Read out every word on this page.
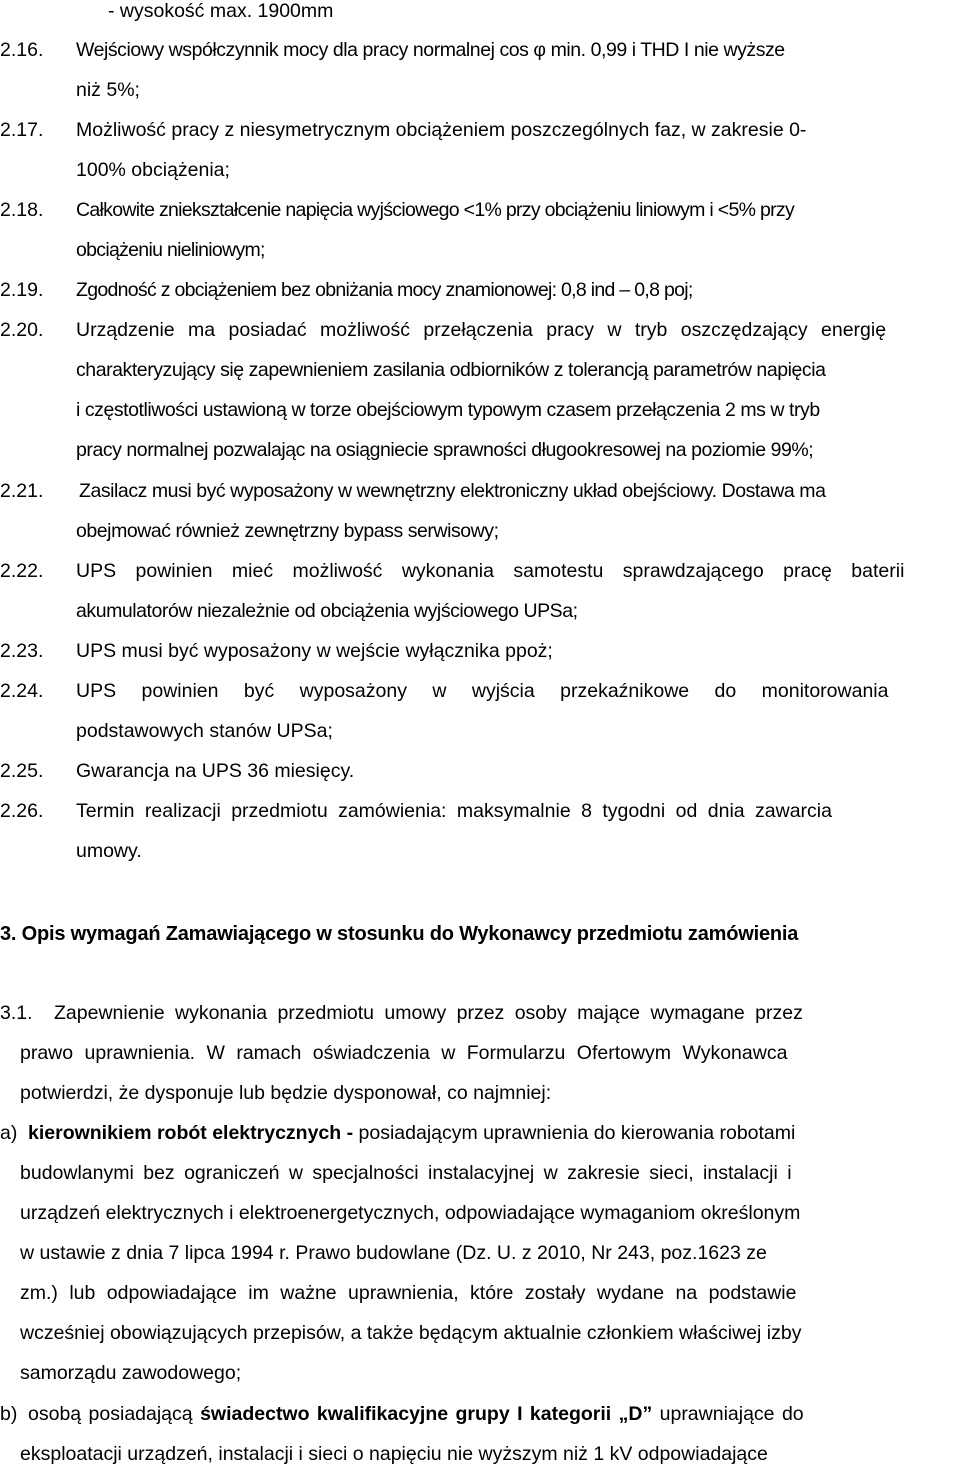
- wysokość max. 1900mm
2.16. Wejściowy współczynnik mocy dla pracy normalnej cos φ min. 0,99 i THD I nie wyższe
niż 5%;
2.17. Możliwość pracy z niesymetrycznym obciążeniem poszczególnych faz, w zakresie 0-
100% obciążenia;
2.18. Całkowite zniekształcenie napięcia wyjściowego <1% przy obciążeniu liniowym i <5% przy
obciążeniu nieliniowym;
2.19. Zgodność z obciążeniem bez obniżania mocy znamionowej: 0,8 ind – 0,8 poj;
2.20. Urządzenie ma posiadać możliwość przełączenia pracy w tryb oszczędzający energię
charakteryzujący się zapewnieniem zasilania odbiorników z tolerancją parametrów napięcia
i częstotliwości ustawioną w torze obejściowym typowym czasem przełączenia 2 ms w tryb
pracy normalnej pozwalając na osiągniecie sprawności długookresowej na poziomie 99%;
2.21. Zasilacz musi być wyposażony w wewnętrzny elektroniczny układ obejściowy. Dostawa ma
obejmować również zewnętrzny bypass serwisowy;
2.22. UPS powinien mieć możliwość wykonania samotestu sprawdzającego pracę baterii
akumulatorów niezależnie od obciążenia wyjściowego UPSa;
2.23. UPS musi być wyposażony w wejście wyłącznika ppoż;
2.24. UPS powinien być wyposażony w wyjścia przekaźnikowe do monitorowania
podstawowych stanów UPSa;
2.25. Gwarancja na UPS 36 miesięcy.
2.26. Termin realizacji przedmiotu zamówienia: maksymalnie 8 tygodni od dnia zawarcia
umowy.
3. Opis wymagań Zamawiającego w stosunku do Wykonawcy przedmiotu zamówienia
3.1. Zapewnienie wykonania przedmiotu umowy przez osoby mające wymagane przez
prawo uprawnienia. W ramach oświadczenia w Formularzu Ofertowym Wykonawca
potwierdzi, że dysponuje lub będzie dysponował, co najmniej:
a) kierownikiem robót elektrycznych - posiadającym uprawnienia do kierowania robotami
budowlanymi bez ograniczeń w specjalności instalacyjnej w zakresie sieci, instalacji i
urządzeń elektrycznych i elektroenergetycznych, odpowiadające wymaganiom określonym
w ustawie z dnia 7 lipca 1994 r. Prawo budowlane (Dz. U. z 2010, Nr 243, poz.1623 ze
zm.) lub odpowiadające im ważne uprawnienia, które zostały wydane na podstawie
wcześniej obowiązujących przepisów, a także będącym aktualnie członkiem właściwej izby
samorządu zawodowego;
b) osobą posiadającą świadectwo kwalifikacyjne grupy I kategorii „D” uprawniające do
eksploatacji urządzeń, instalacji i sieci o napięciu nie wyższym niż 1 kV odpowiadające
